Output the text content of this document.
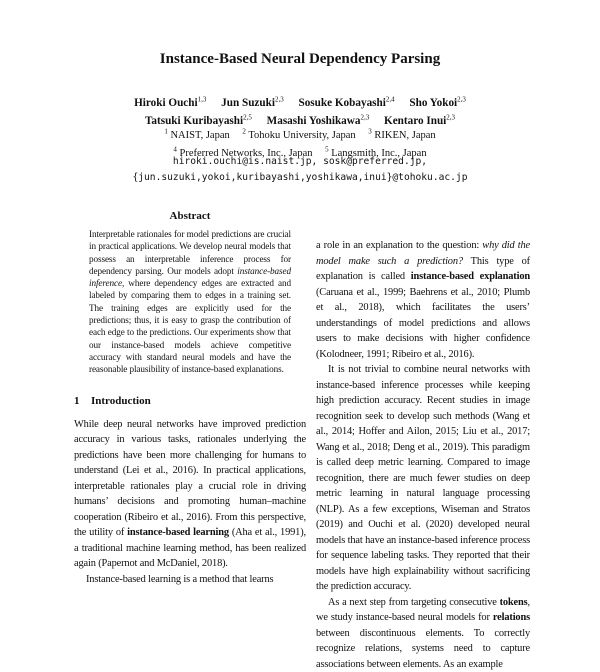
Instance-Based Neural Dependency Parsing
Hiroki Ouchi$^{1,3}$ Jun Suzuki$^{2,3}$ Sosuke Kobayashi$^{2,4}$ Sho Yokoi$^{2,3}$
Tatsuki Kuribayashi$^{2,5}$ Masashi Yoshikawa$^{2,3}$ Kentaro Inui$^{2,3}$
$^1$ NAIST, Japan $^2$ Tohoku University, Japan $^3$ RIKEN, Japan
$^4$ Preferred Networks, Inc., Japan $^5$ Langsmith, Inc., Japan
hiroki.ouchi@is.naist.jp, sosk@preferred.jp,
{jun.suzuki,yokoi,kuribayashi,yoshikawa,inui}@tohoku.ac.jp
Abstract

Interpretable rationales for model predictions are crucial in practical applications. We develop neural models that possess an interpretable inference process for dependency parsing. Our models adopt instance-based inference, where dependency edges are extracted and labeled by comparing them to edges in a training set. The training edges are explicitly used for the predictions; thus, it is easy to grasp the contribution of each edge to the predictions. Our experiments show that our instance-based models achieve competitive accuracy with standard neural models and have the reasonable plausibility of instance-based explanations.

1 Introduction

While deep neural networks have improved prediction accuracy in various tasks, rationales underlying the predictions have been more challenging for humans to understand (Lei et al., 2016). In practical applications, interpretable rationales play a crucial role in driving humans’ decisions and promoting human–machine cooperation (Ribeiro et al., 2016). From this perspective, the utility of instance-based learning (Aha et al., 1991), a traditional machine learning method, has been realized again (Papernot and McDaniel, 2018).

Instance-based learning is a method that learns

a role in an explanation to the question: why did the model make such a prediction? This type of explanation is called instance-based explanation (Caruana et al., 1999; Baehrens et al., 2010; Plumb et al., 2018), which facilitates the users’ understandings of model predictions and allows users to make decisions with higher confidence (Kolodneer, 1991; Ribeiro et al., 2016).

It is not trivial to combine neural networks with instance-based inference processes while keeping high prediction accuracy. Recent studies in image recognition seek to develop such methods (Wang et al., 2014; Hoffer and Ailon, 2015; Liu et al., 2017; Wang et al., 2018; Deng et al., 2019). This paradigm is called deep metric learning. Compared to image recognition, there are much fewer studies on deep metric learning in natural language processing (NLP). As a few exceptions, Wiseman and Stratos (2019) and Ouchi et al. (2020) developed neural models that have an instance-based inference process for sequence labeling tasks. They reported that their models have high explainability without sacrificing the prediction accuracy.

As a next step from targeting consecutive tokens, we study instance-based neural models for relations between discontinuous elements. To correctly recognize relations, systems need to capture associations between elements. As an example
